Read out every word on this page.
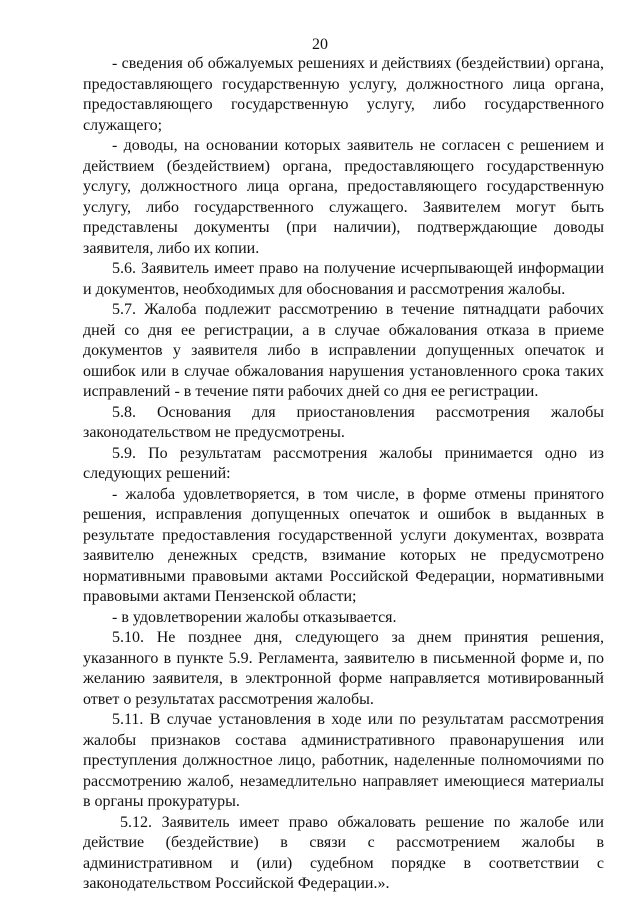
20

- сведения об обжалуемых решениях и действиях (бездействии) органа, предоставляющего государственную услугу, должностного лица органа, предоставляющего государственную услугу, либо государственного служащего;

- доводы, на основании которых заявитель не согласен с решением и действием (бездействием) органа, предоставляющего государственную услугу, должностного лица органа, предоставляющего государственную услугу, либо государственного служащего. Заявителем могут быть представлены документы (при наличии), подтверждающие доводы заявителя, либо их копии.

5.6. Заявитель имеет право на получение исчерпывающей информации и документов, необходимых для обоснования и рассмотрения жалобы.

5.7. Жалоба подлежит рассмотрению в течение пятнадцати рабочих дней со дня ее регистрации, а в случае обжалования отказа в приеме документов у заявителя либо в исправлении допущенных опечаток и ошибок или в случае обжалования нарушения установленного срока таких исправлений - в течение пяти рабочих дней со дня ее регистрации.

5.8. Основания для приостановления рассмотрения жалобы законодательством не предусмотрены.

5.9. По результатам рассмотрения жалобы принимается одно из следующих решений:

- жалоба удовлетворяется, в том числе, в форме отмены принятого решения, исправления допущенных опечаток и ошибок в выданных в результате предоставления государственной услуги документах, возврата заявителю денежных средств, взимание которых не предусмотрено нормативными правовыми актами Российской Федерации, нормативными правовыми актами Пензенской области;

- в удовлетворении жалобы отказывается.

5.10. Не позднее дня, следующего за днем принятия решения, указанного в пункте 5.9. Регламента, заявителю в письменной форме и, по желанию заявителя, в электронной форме направляется мотивированный ответ о результатах рассмотрения жалобы.

5.11. В случае установления в ходе или по результатам рассмотрения жалобы признаков состава административного правонарушения или преступления должностное лицо, работник, наделенные полномочиями по рассмотрению жалоб, незамедлительно направляет имеющиеся материалы в органы прокуратуры.

5.12. Заявитель имеет право обжаловать решение по жалобе или действие (бездействие) в связи с рассмотрением жалобы в административном и (или) судебном порядке в соответствии с законодательством Российской Федерации.».
